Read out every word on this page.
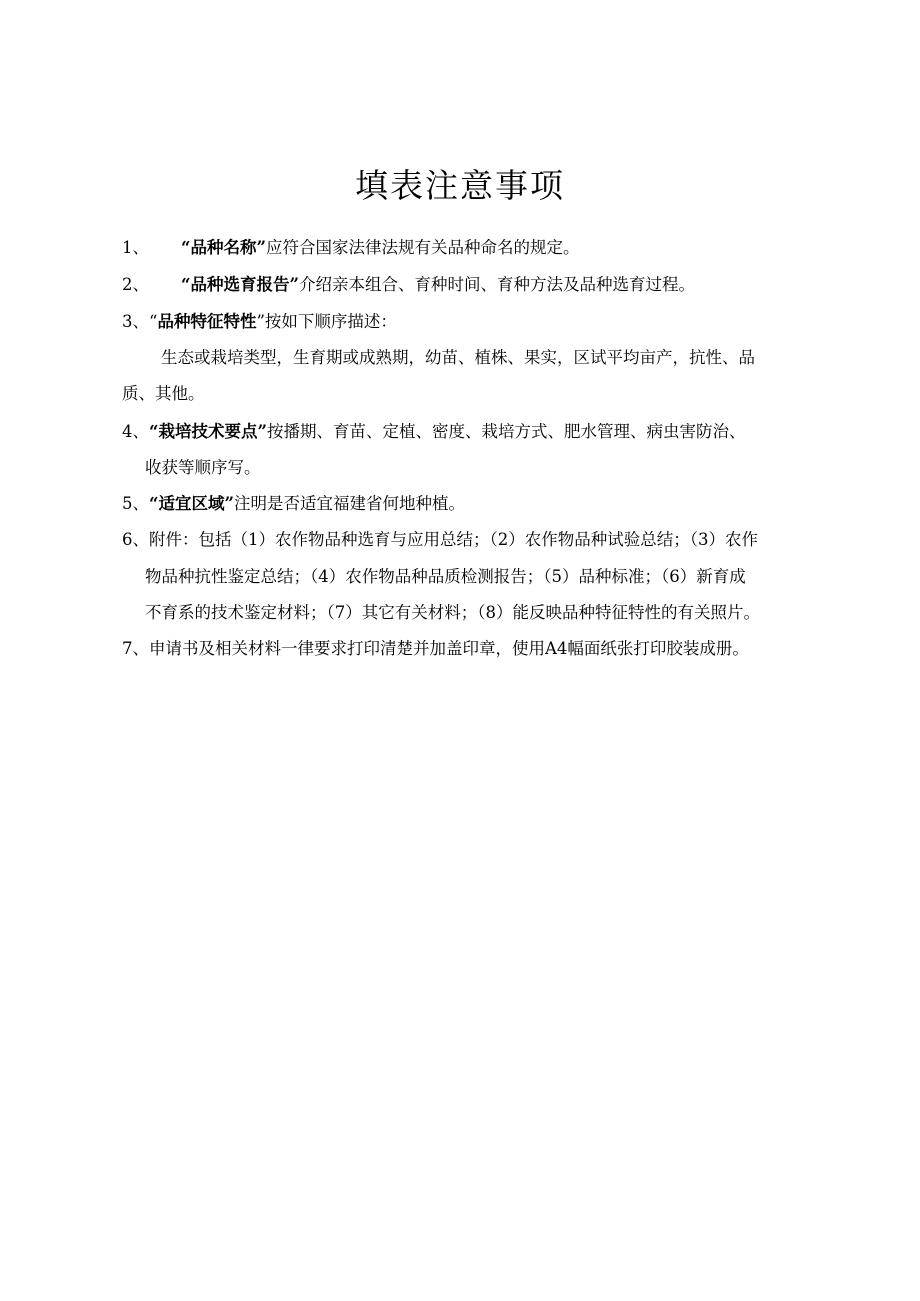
填表注意事项
1、 “品种名称”应符合国家法律法规有关品种命名的规定。
2、 “品种选育报告”介绍亲本组合、育种时间、育种方法及品种选育过程。
3、“品种特征特性”按如下顺序描述：
生态或栽培类型，生育期或成熟期，幼苗、植株、果实，区试平均亩产，抗性、品
质、其他。
4、“栽培技术要点”按播期、育苗、定植、密度、栽培方式、肥水管理、病虫害防治、
收获等顺序写。
5、“适宜区域”注明是否适宜福建省何地种植。
6、附件：包括（1）农作物品种选育与应用总结；（2）农作物品种试验总结；（3）农作
物品种抗性鉴定总结；（4）农作物品种品质检测报告；（5）品种标准；（6）新育成
不育系的技术鉴定材料；（7）其它有关材料；（8）能反映品种特征特性的有关照片。
7、申请书及相关材料一律要求打印清楚并加盖印章，使用A4幅面纸张打印胶装成册。
